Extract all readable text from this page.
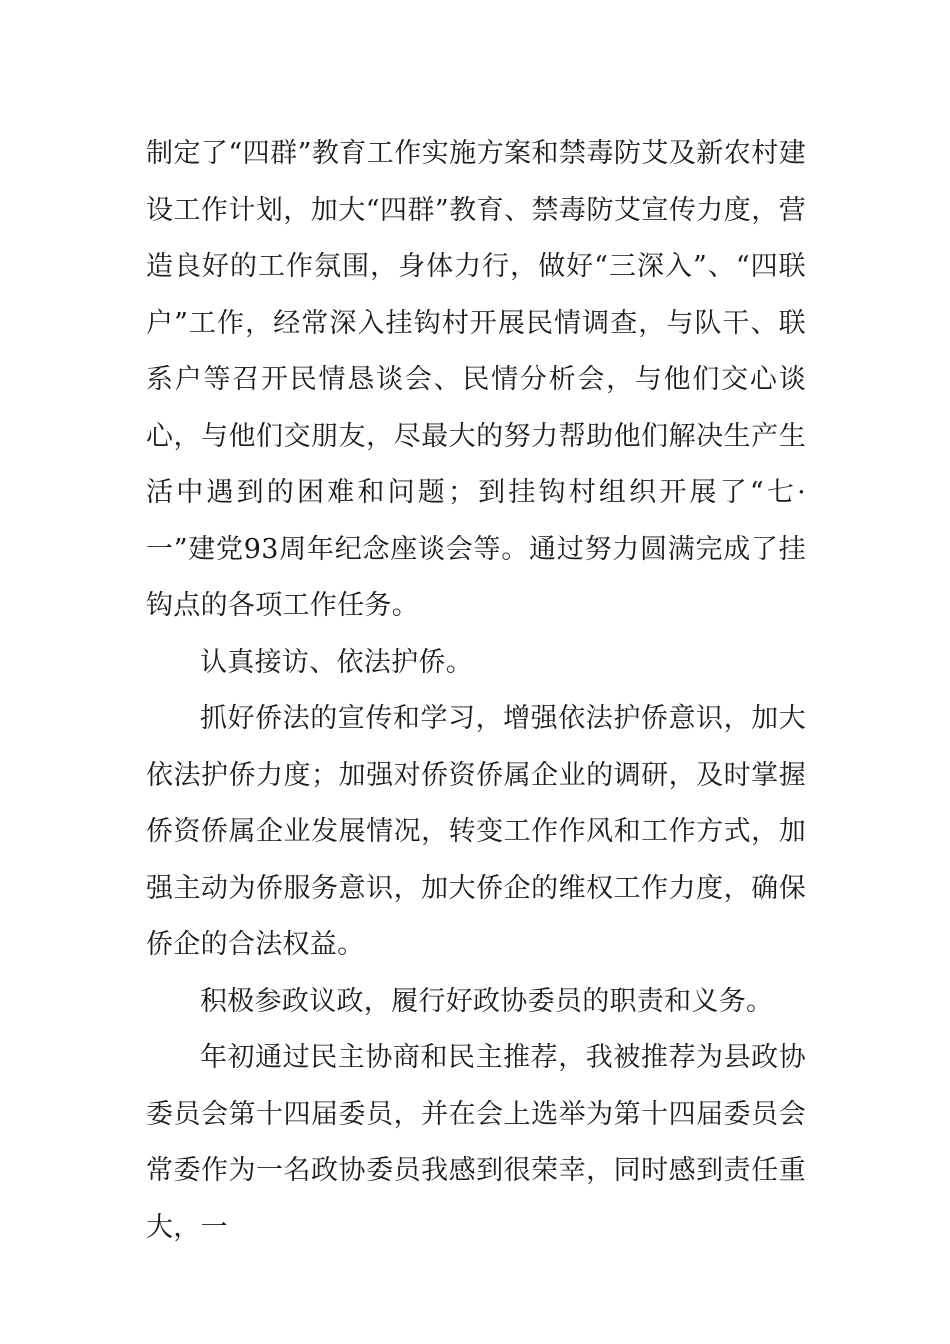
制定了“四群”教育工作实施方案和禁毒防艾及新农村建设工作计划，加大“四群”教育、禁毒防艾宣传力度，营造良好的工作氛围，身体力行，做好“三深入”、“四联户”工作，经常深入挂钩村开展民情调查，与队干、联系户等召开民情恳谈会、民情分析会，与他们交心谈心，与他们交朋友，尽最大的努力帮助他们解决生产生活中遇到的困难和问题；到挂钩村组织开展了“七·一”建党93周年纪念座谈会等。通过努力圆满完成了挂钩点的各项工作任务。

认真接访、依法护侨。

抓好侨法的宣传和学习，增强依法护侨意识，加大依法护侨力度；加强对侨资侨属企业的调研，及时掌握侨资侨属企业发展情况，转变工作作风和工作方式，加强主动为侨服务意识，加大侨企的维权工作力度，确保侨企的合法权益。

积极参政议政，履行好政协委员的职责和义务。

年初通过民主协商和民主推荐，我被推荐为县政协委员会第十四届委员，并在会上选举为第十四届委员会常委作为一名政协委员我感到很荣幸，同时感到责任重大，一
